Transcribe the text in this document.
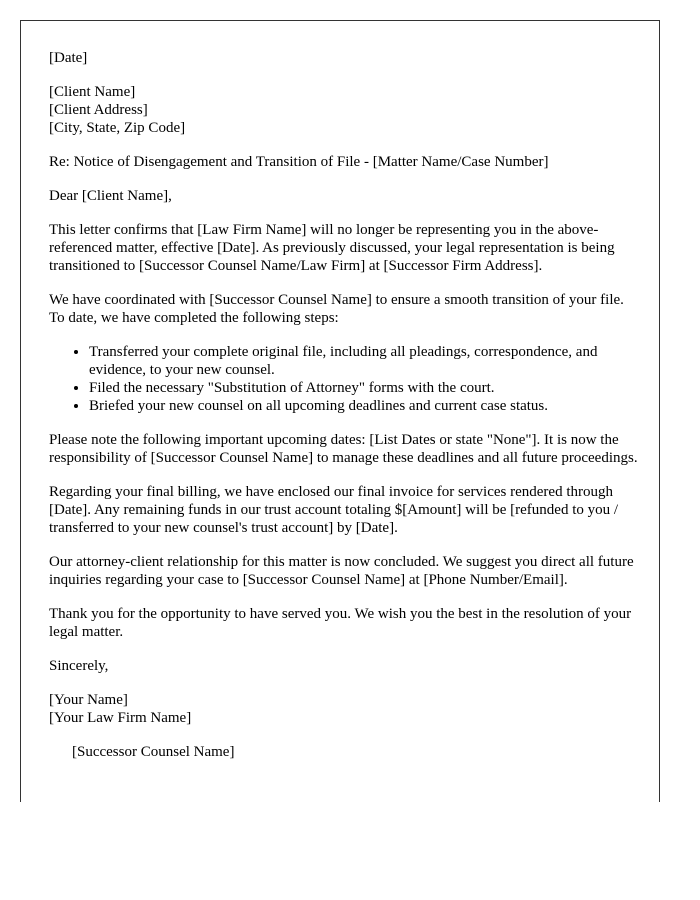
[Date]

[Client Name]
[Client Address]
[City, State, Zip Code]

Re: Notice of Disengagement and Transition of File - [Matter Name/Case Number]

Dear [Client Name],

This letter confirms that [Law Firm Name] will no longer be representing you in the above-referenced matter, effective [Date]. As previously discussed, your legal representation is being transitioned to [Successor Counsel Name/Law Firm] at [Successor Firm Address].

We have coordinated with [Successor Counsel Name] to ensure a smooth transition of your file. To date, we have completed the following steps:

• Transferred your complete original file, including all pleadings, correspondence, and evidence, to your new counsel.
• Filed the necessary "Substitution of Attorney" forms with the court.
• Briefed your new counsel on all upcoming deadlines and current case status.

Please note the following important upcoming dates: [List Dates or state "None"]. It is now the responsibility of [Successor Counsel Name] to manage these deadlines and all future proceedings.

Regarding your final billing, we have enclosed our final invoice for services rendered through [Date]. Any remaining funds in our trust account totaling $[Amount] will be [refunded to you / transferred to your new counsel's trust account] by [Date].

Our attorney-client relationship for this matter is now concluded. We suggest you direct all future inquiries regarding your case to [Successor Counsel Name] at [Phone Number/Email].

Thank you for the opportunity to have served you. We wish you the best in the resolution of your legal matter.

Sincerely,

[Your Name]
[Your Law Firm Name]

[Successor Counsel Name]
